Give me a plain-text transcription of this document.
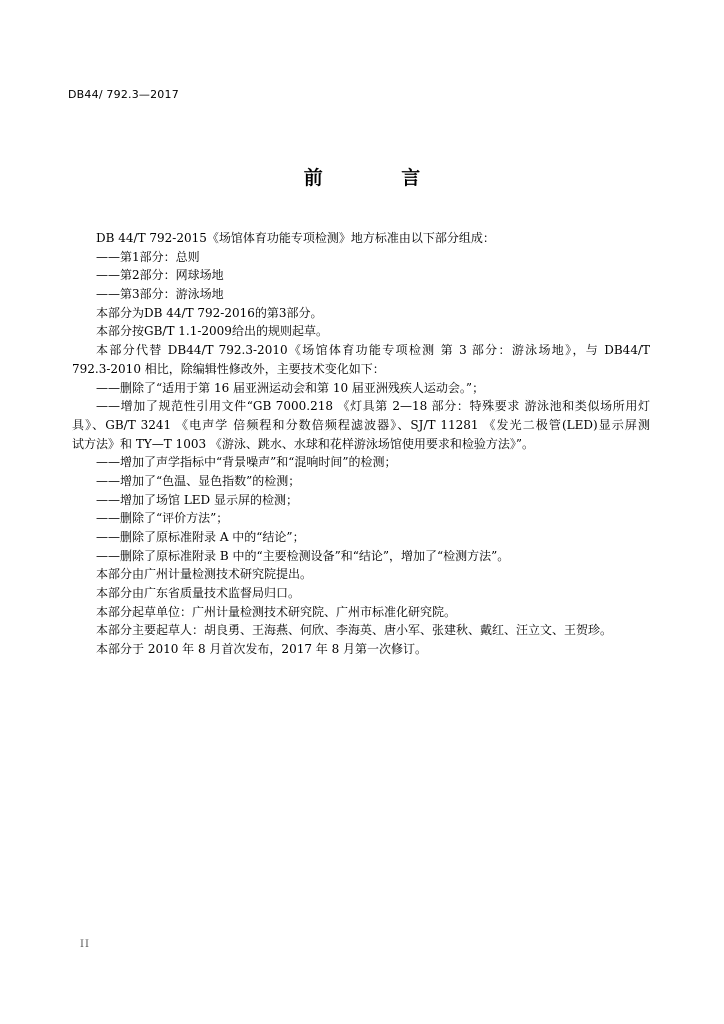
DB44/ 792.3—2017
前 言
DB 44/T 792-2015《场馆体育功能专项检测》地方标准由以下部分组成：
——第1部分：总则
——第2部分：网球场地
——第3部分：游泳场地
本部分为DB 44/T 792-2016的第3部分。
本部分按GB/T 1.1-2009给出的规则起草。
本部分代替 DB44/T 792.3-2010《场馆体育功能专项检测 第 3 部分：游泳场地》，与 DB44/T
792.3-2010 相比，除编辑性修改外，主要技术变化如下：
——删除了“适用于第 16 届亚洲运动会和第 10 届亚洲残疾人运动会。”；
——增加了规范性引用文件“GB 7000.218 《灯具第 2—18 部分：特殊要求 游泳池和类似场所用灯
具》、GB/T 3241 《电声学 倍频程和分数倍频程滤波器》、SJ/T 11281 《发光二极管(LED)显示屏测
试方法》和 TY—T 1003 《游泳、跳水、水球和花样游泳场馆使用要求和检验方法》”。
——增加了声学指标中“背景噪声”和“混响时间”的检测；
——增加了“色温、显色指数”的检测；
——增加了场馆 LED 显示屏的检测；
——删除了“评价方法”；
——删除了原标准附录 A 中的“结论”；
——删除了原标准附录 B 中的“主要检测设备”和“结论”，增加了“检测方法”。
本部分由广州计量检测技术研究院提出。
本部分由广东省质量技术监督局归口。
本部分起草单位：广州计量检测技术研究院、广州市标准化研究院。
本部分主要起草人：胡良勇、王海燕、何欣、李海英、唐小军、张建秋、戴红、汪立文、王贺珍。
本部分于 2010 年 8 月首次发布，2017 年 8 月第一次修订。
II
